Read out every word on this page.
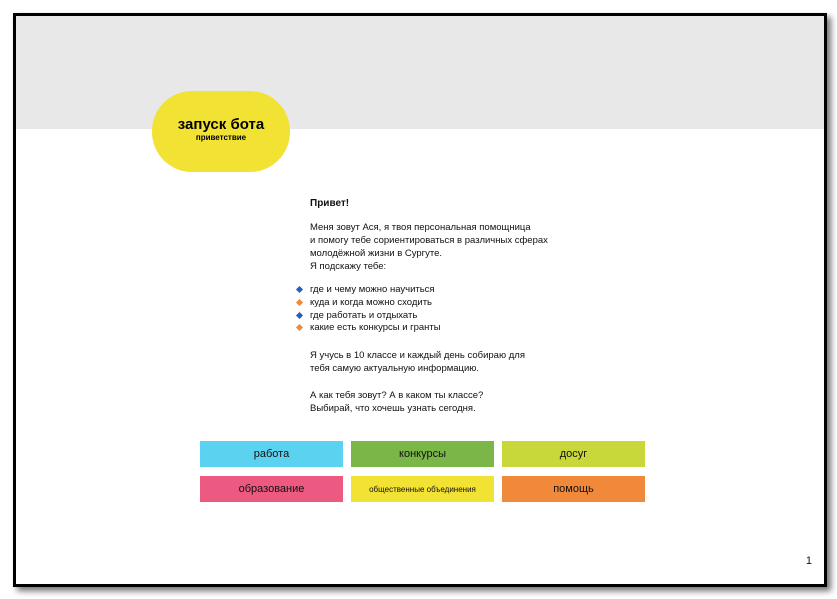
запуск бота
приветствие
Привет!

Меня зовут Ася, я твоя персональная помощница
и помогу тебе сориентироваться в различных сферах
молодёжной жизни в Сургуте.
Я подскажу тебе:

где и чему можно научиться
куда и когда можно сходить
где работать и отдыхать
какие есть конкурсы и гранты

Я учусь в 10 классе и каждый день собираю для
тебя самую актуальную информацию.

А как тебя зовут? А в каком ты классе?
Выбирай, что хочешь узнать сегодня.

работа	конкурсы	досуг
образование	общественные объединения	помощь
1
